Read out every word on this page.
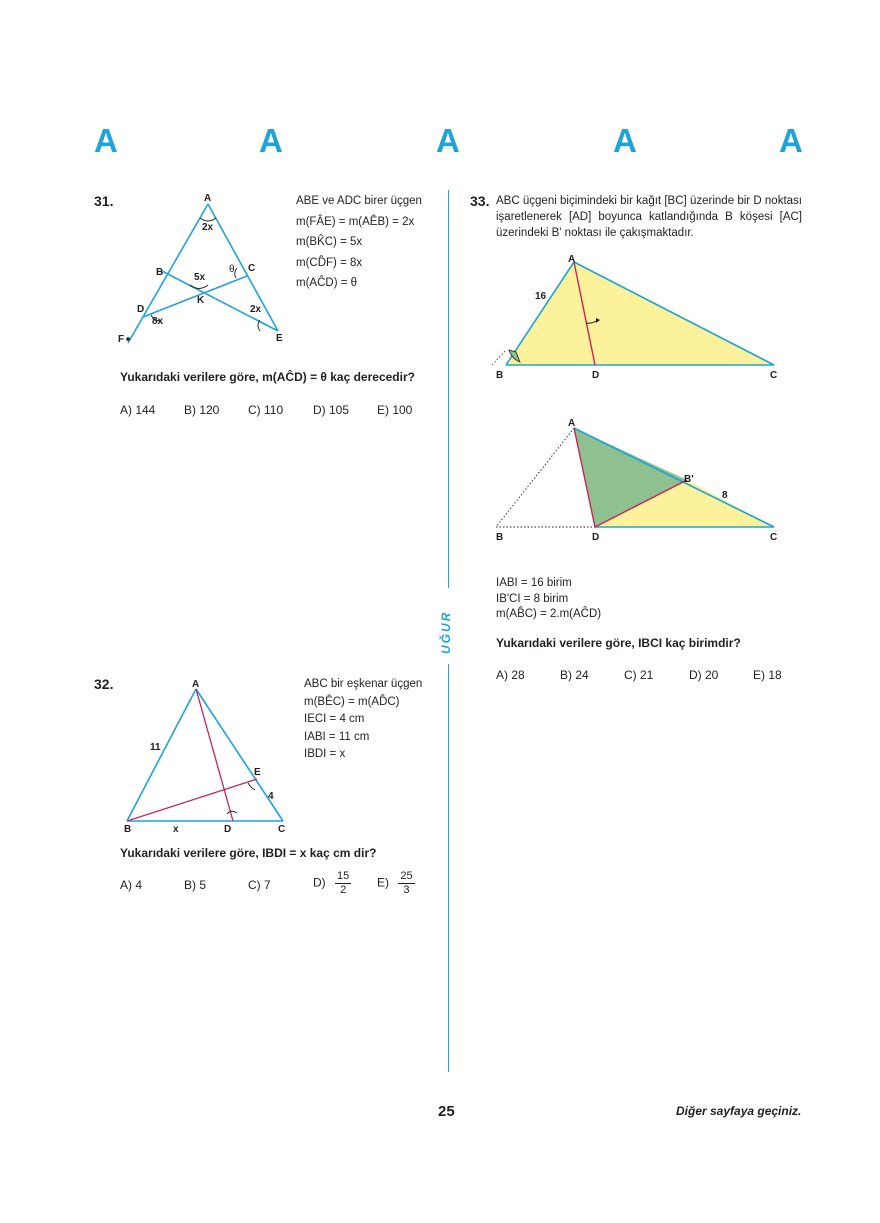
A	A	A	A	A
UĞUR
31.	A
2x
B	5x
K
C
θ
D
8x
2x
E
F
ABE ve ADC birer üçgen
m(FÂE) = m(AÊB) = 2x
m(BK̂C) = 5x
m(CD̂F) = 8x
m(AĈD) = θ
Yukarıdaki verilere göre, m(AĈD) = θ kaç derecedir?
A) 144 B) 120 C) 110 D) 105 E) 100
32.	A
11
E
4
B	x	D	C
ABC bir eşkenar üçgen
m(BÊC) = m(AD̂C)
IECI = 4 cm
IABI = 11 cm
IBDI = x
Yukarıdaki verilere göre, IBDI = x kaç cm dir?
A) 4	B) 5	C) 7	$D) \frac{15}{2} E) \frac{25}{3}$
33. ABC üçgeni biçimindeki bir kağıt [BC] üzerinde bir D noktası işaretlenerek [AD] boyunca katlandığında B köşesi [AC] üzerindeki B' noktası ile çakışmaktadır.
A
16
B	D	C
A
B'
8
B	D	C
IABI = 16 birim
IB'CI = 8 birim
m(AB̂C) = 2.m(AĈD)
Yukarıdaki verilere göre, IBCI kaç birimdir?
A) 28	B) 24	C) 21	D) 20	E) 18
25	Diğer sayfaya geçiniz.
